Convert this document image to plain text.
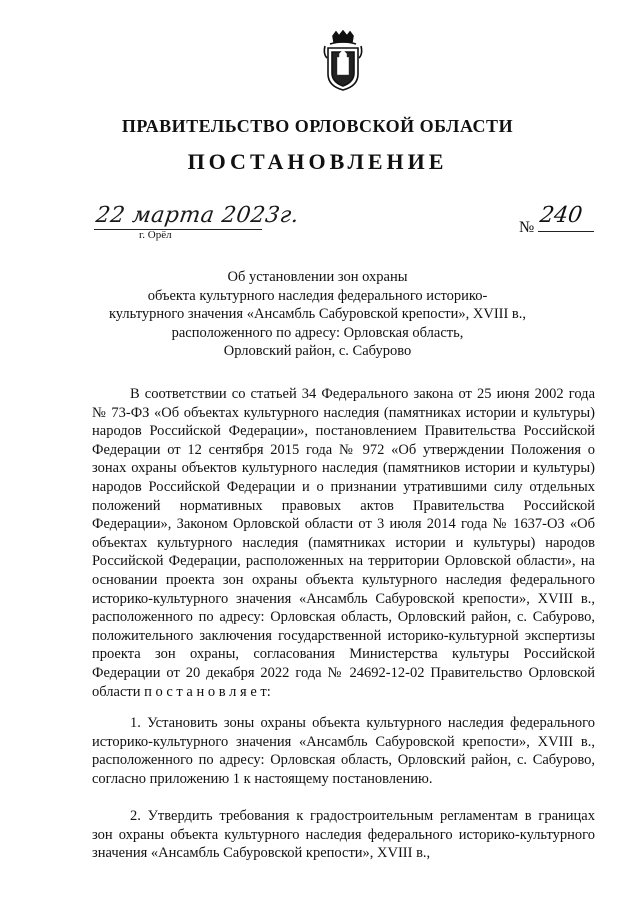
ПРАВИТЕЛЬСТВО ОРЛОВСКОЙ ОБЛАСТИ
ПОСТАНОВЛЕНИЕ
22 марта 2023г.
г. Орёл	№ 240
Об установлении зон охраны
объекта культурного наследия федерального историко-
культурного значения «Ансамбль Сабуровской крепости», XVIII в.,
расположенного по адресу: Орловская область,
Орловский район, с. Сабурово

В соответствии со статьей 34 Федерального закона от 25 июня 2002 года № 73-ФЗ «Об объектах культурного наследия (памятниках истории и культуры) народов Российской Федерации», постановлением Правительства Российской Федерации от 12 сентября 2015 года № 972 «Об утверждении Положения о зонах охраны объектов культурного наследия (памятников истории и культуры) народов Российской Федерации и о признании утратившими силу отдельных положений нормативных правовых актов Правительства Российской Федерации», Законом Орловской области от 3 июля 2014 года № 1637-ОЗ «Об объектах культурного наследия (памятниках истории и культуры) народов Российской Федерации, расположенных на территории Орловской области», на основании проекта зон охраны объекта культурного наследия федерального историко-культурного значения «Ансамбль Сабуровской крепости», XVIII в., расположенного по адресу: Орловская область, Орловский район, с. Сабурово, положительного заключения государственной историко-культурной экспертизы проекта зон охраны, согласования Министерства культуры Российской Федерации от 20 декабря 2022 года № 24692-12-02 Правительство Орловской области п о с т а н о в л я е т:

1. Установить зоны охраны объекта культурного наследия федерального историко-культурного значения «Ансамбль Сабуровской крепости», XVIII в., расположенного по адресу: Орловская область, Орловский район, с. Сабурово, согласно приложению 1 к настоящему постановлению.

2. Утвердить требования к градостроительным регламентам в границах зон охраны объекта культурного наследия федерального историко-культурного значения «Ансамбль Сабуровской крепости», XVIII в.,
